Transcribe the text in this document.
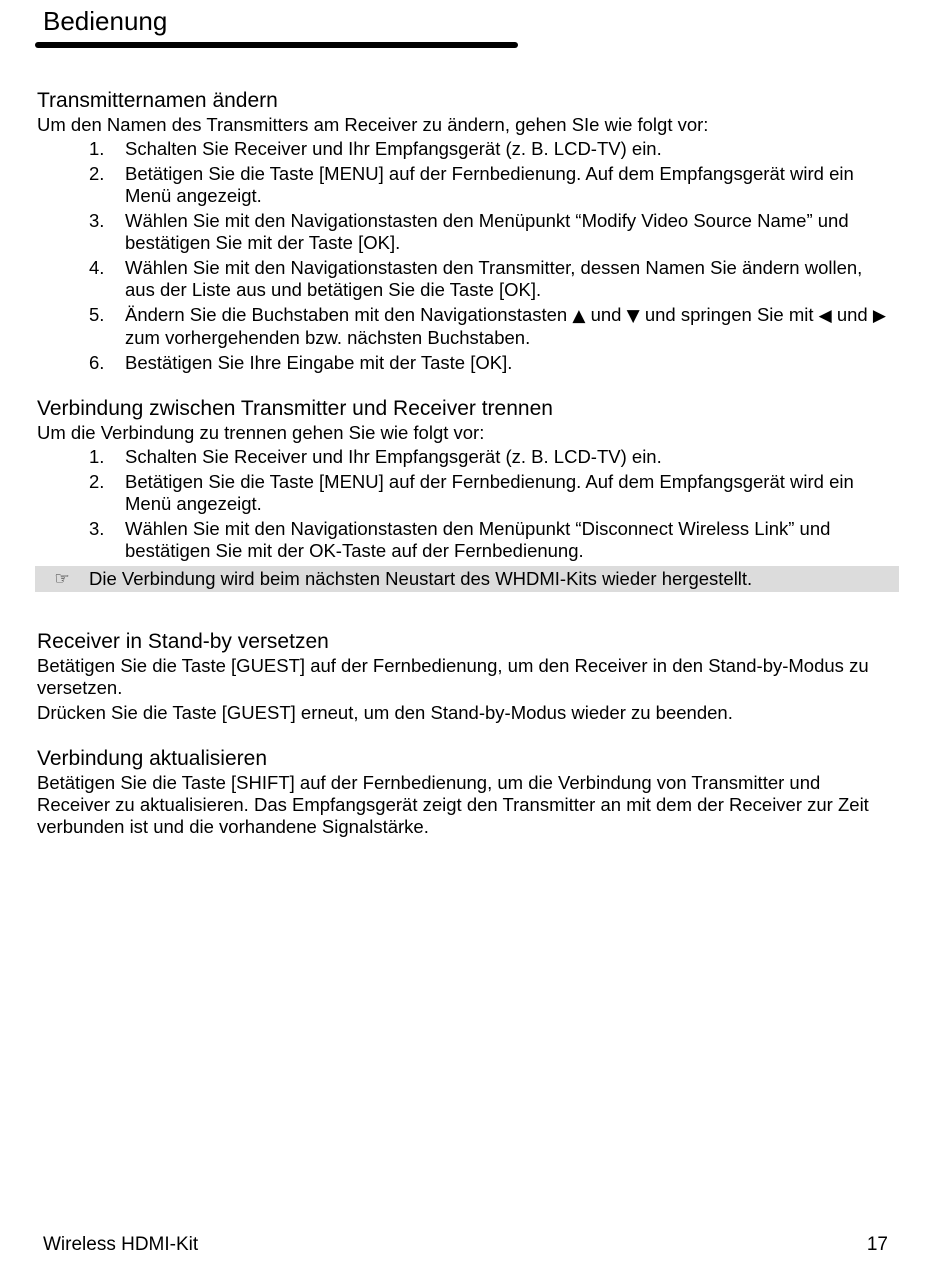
Bedienung
Transmitternamen ändern

Um den Namen des Transmitters am Receiver zu ändern, gehen SIe wie folgt vor:

1.	Schalten Sie Receiver und Ihr Empfangsgerät (z. B. LCD-TV) ein.
2.	Betätigen Sie die Taste [MENU] auf der Fernbedienung. Auf dem Empfangsgerät wird ein Menü angezeigt.
3.	Wählen Sie mit den Navigationstasten den Menüpunkt “Modify Video Source Name” und bestätigen Sie mit der Taste [OK].
4.	Wählen Sie mit den Navigationstasten den Transmitter, dessen Namen Sie ändern wollen, aus der Liste aus und betätigen Sie die Taste [OK].
5.	Ändern Sie die Buchstaben mit den Navigationstasten ▲ und ▼ und springen Sie mit ◀ und ▶ zum vorhergehenden bzw. nächsten Buchstaben.
6.	Bestätigen Sie Ihre Eingabe mit der Taste [OK].
Verbindung zwischen Transmitter und Receiver trennen

Um die Verbindung zu trennen gehen Sie wie folgt vor:

1.	Schalten Sie Receiver und Ihr Empfangsgerät (z. B. LCD-TV) ein.
2.	Betätigen Sie die Taste [MENU] auf der Fernbedienung. Auf dem Empfangsgerät wird ein Menü angezeigt.
3.	Wählen Sie mit den Navigationstasten den Menüpunkt “Disconnect Wireless Link” und bestätigen Sie mit der OK-Taste auf der Fernbedienung.
☞	Die Verbindung wird beim nächsten Neustart des WHDMI-Kits wieder hergestellt.
Receiver in Stand-by versetzen

Betätigen Sie die Taste [GUEST] auf der Fernbedienung, um den Receiver in den Stand-by-Modus zu versetzen.

Drücken Sie die Taste [GUEST] erneut, um den Stand-by-Modus wieder zu beenden.

Verbindung aktualisieren

Betätigen Sie die Taste [SHIFT] auf der Fernbedienung, um die Verbindung von Transmitter und Receiver zu aktualisieren. Das Empfangsgerät zeigt den Transmitter an mit dem der Receiver zur Zeit verbunden ist und die vorhandene Signalstärke.

Wireless HDMI-Kit	17
